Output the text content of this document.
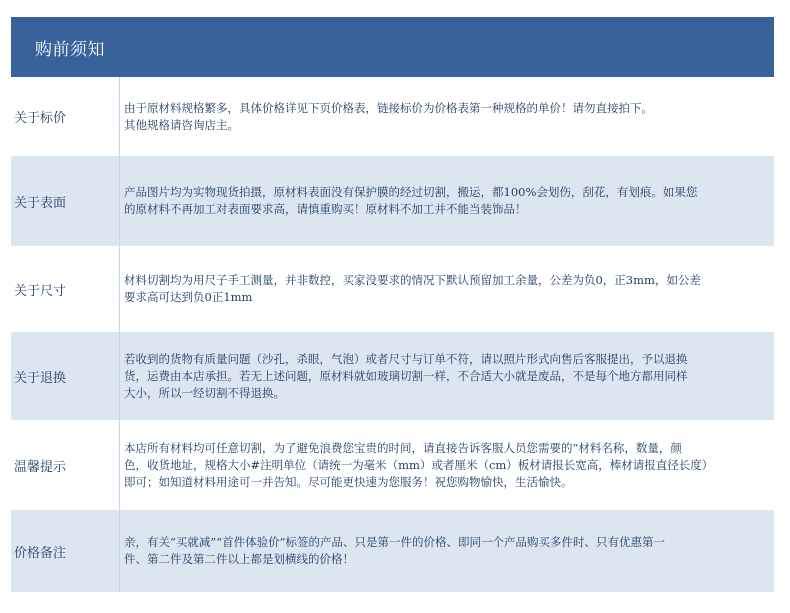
购前须知
关于标价

由于原材料规格繁多，具体价格详见下页价格表，链接标价为价格表第一种规格的单价！请勿直接拍下。

其他规格请咨询店主。

关于表面

产品图片均为实物现货拍摄，原材料表面没有保护膜的经过切割，搬运，都100%会划伤，刮花，有划痕。如果您

的原材料不再加工对表面要求高，请慎重购买！原材料不加工并不能当装饰品！

关于尺寸

材料切割均为用尺子手工测量，并非数控，买家没要求的情况下默认预留加工余量，公差为负0，正3mm，如公差

要求高可达到负0正1mm

关于退换

若收到的货物有质量问题（沙孔，杀眼，气泡）或者尺寸与订单不符，请以照片形式向售后客服提出，予以退换

货，运费由本店承担。若无上述问题，原材料就如玻璃切割一样，不合适大小就是废品，不是每个地方都用同样

大小，所以一经切割不得退换。

温馨提示

本店所有材料均可任意切割，为了避免浪费您宝贵的时间，请直接告诉客服人员您需要的“材料名称，数量，颜

色，收货地址，规格大小#注明单位（请统一为毫米（mm）或者厘米（cm）板材请报长宽高，棒材请报直径长度）

即可；如知道材料用途可一并告知。尽可能更快速为您服务！祝您购物愉快，生活愉快。

价格备注

亲，有关“买就减”“首件体验价”标签的产品、只是第一件的价格、即同一个产品购买多件时、只有优惠第一

件、第二件及第二件以上都是划横线的价格！
